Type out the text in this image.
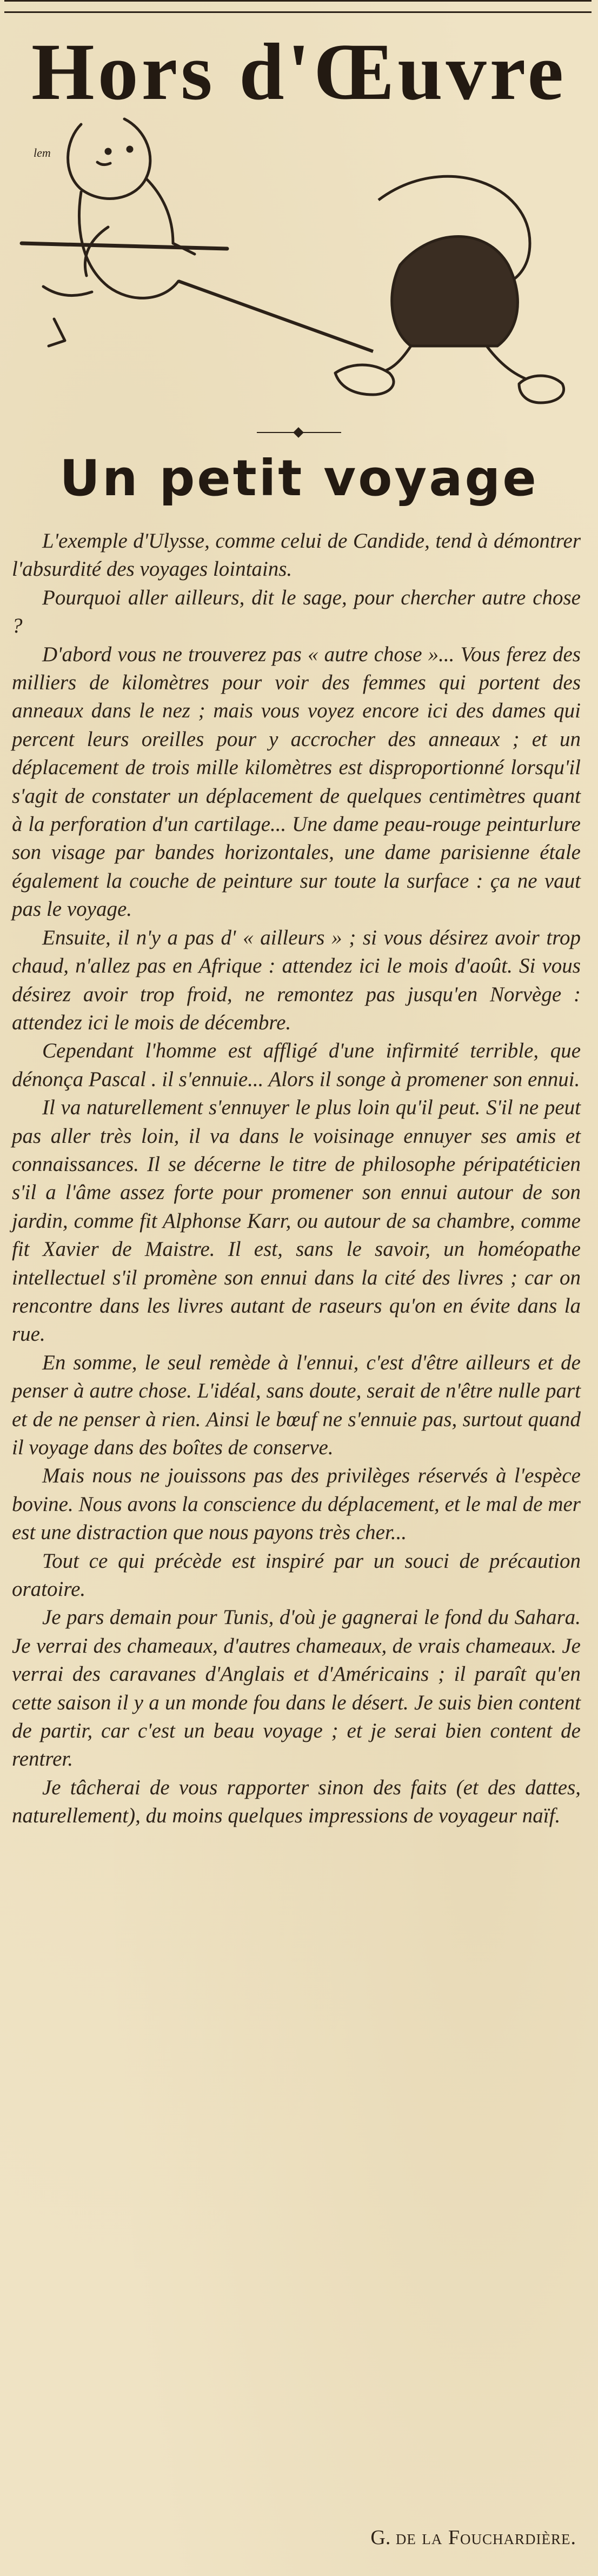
Hors d'Œuvre
lem
Un petit voyage

L'exemple d'Ulysse, comme celui de Candide, tend à démontrer l'absurdité des voyages lointains.

Pourquoi aller ailleurs, dit le sage, pour chercher autre chose ?

D'abord vous ne trouverez pas « autre chose »... Vous ferez des milliers de kilomètres pour voir des femmes qui portent des anneaux dans le nez ; mais vous voyez encore ici des dames qui percent leurs oreilles pour y accrocher des anneaux ; et un déplacement de trois mille kilomètres est disproportionné lorsqu'il s'agit de constater un déplacement de quelques centimètres quant à la perforation d'un cartilage... Une dame peau-rouge peinturlure son visage par bandes horizontales, une dame parisienne étale également la couche de peinture sur toute la surface : ça ne vaut pas le voyage.

Ensuite, il n'y a pas d' « ailleurs » ; si vous désirez avoir trop chaud, n'allez pas en Afrique : attendez ici le mois d'août. Si vous désirez avoir trop froid, ne remontez pas jusqu'en Norvège : attendez ici le mois de décembre.

Cependant l'homme est affligé d'une infirmité terrible, que dénonça Pascal . il s'ennuie... Alors il songe à promener son ennui.

Il va naturellement s'ennuyer le plus loin qu'il peut. S'il ne peut pas aller très loin, il va dans le voisinage ennuyer ses amis et connaissances. Il se décerne le titre de philosophe péripatéticien s'il a l'âme assez forte pour promener son ennui autour de son jardin, comme fit Alphonse Karr, ou autour de sa chambre, comme fit Xavier de Maistre. Il est, sans le savoir, un homéopathe intellectuel s'il promène son ennui dans la cité des livres ; car on rencontre dans les livres autant de raseurs qu'on en évite dans la rue.

En somme, le seul remède à l'ennui, c'est d'être ailleurs et de penser à autre chose. L'idéal, sans doute, serait de n'être nulle part et de ne penser à rien. Ainsi le bœuf ne s'ennuie pas, surtout quand il voyage dans des boîtes de conserve.

Mais nous ne jouissons pas des privilèges réservés à l'espèce bovine. Nous avons la conscience du déplacement, et le mal de mer est une distraction que nous payons très cher...

Tout ce qui précède est inspiré par un souci de précaution oratoire.

Je pars demain pour Tunis, d'où je gagnerai le fond du Sahara. Je verrai des chameaux, d'autres chameaux, de vrais chameaux. Je verrai des caravanes d'Anglais et d'Américains ; il paraît qu'en cette saison il y a un monde fou dans le désert. Je suis bien content de partir, car c'est un beau voyage ; et je serai bien content de rentrer.

Je tâcherai de vous rapporter sinon des faits (et des dattes, naturellement), du moins quelques impressions de voyageur naïf.

G. de la Fouchardière.
